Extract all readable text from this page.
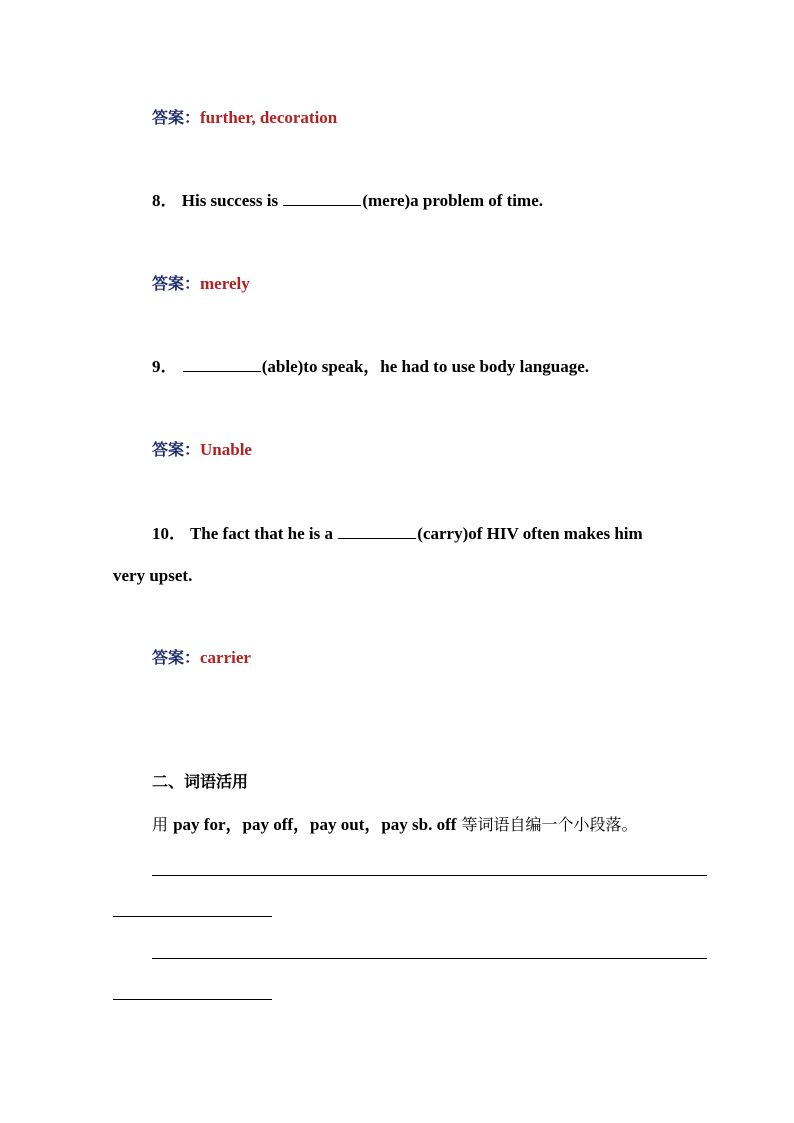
答案：further, decoration
8． His success is	(mere)a problem of time.
答案：merely
9．	(able)to speak，he had to use body language.
答案：Unable
10． The fact that he is a	(carry)of HIV often makes him
very upset.
答案：carrier
二、词语活用
用 pay for，pay off，pay out，pay sb. off 等词语自编一个小段落。
